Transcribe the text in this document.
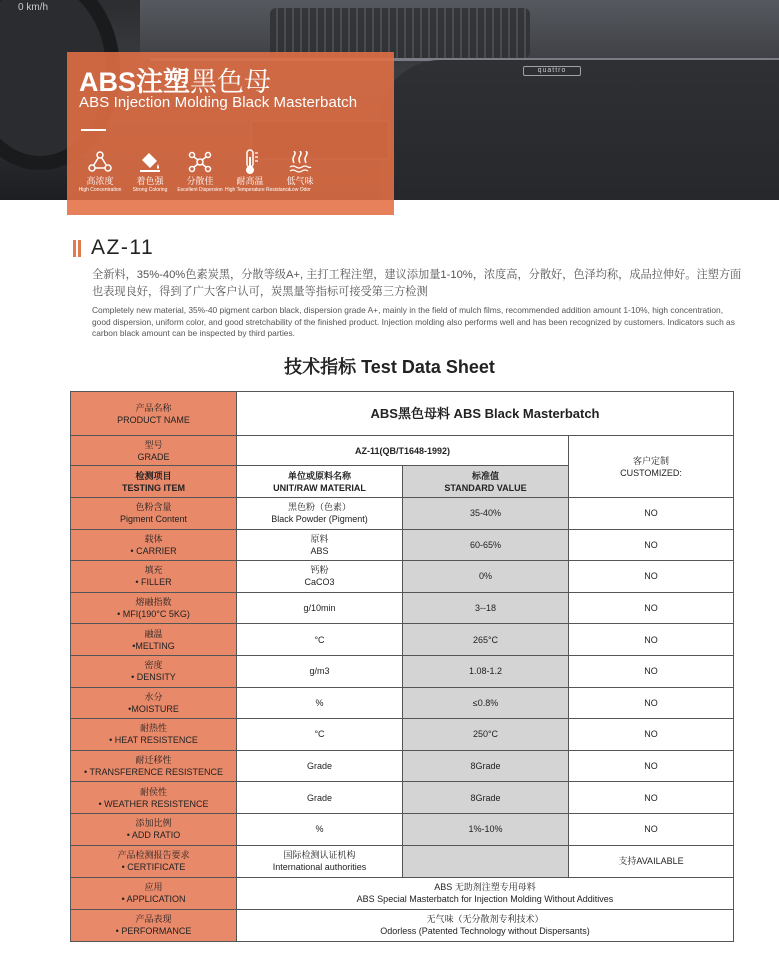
0 km/h
quattro
ABS注塑黑色母
ABS Injection Molding Black Masterbatch
高浓度
High Concentration
着色强
Strong Coloring
分散佳
Excellent Dispersion
耐高温
High Temperature Resistance
低气味
Low Odor
AZ-11
全新料，35%-40%色素炭黑，分散等级A+, 主打工程注塑，建议添加量1-10%，浓度高，分散好，色泽均称，成品拉伸好。注塑方面也表现良好，得到了广大客户认可，炭黑量等指标可接受第三方检测
Completely new material, 35%-40 pigment carbon black, dispersion grade A+, mainly in the field of mulch films, recommended addition amount 1-10%, high concentration, good dispersion, uniform color, and good stretchability of the finished product. Injection molding also performs well and has been recognized by customers. Indicators such as carbon black amount can be inspected by third parties.
技术指标 Test Data Sheet
产品名称
PRODUCT NAME	ABS黑色母料 ABS Black Masterbatch		

型号
GRADE	AZ-11(QB/T1648-1992)		客户定制
CUSTOMIZED:

检测项目
TESTING ITEM	单位或原料名称
UNIT/RAW MATERIAL	标准值
STANDARD VALUE	

色粉含量
Pigment Content	黑色粉（色素）
Black Powder (Pigment)	35-40%	NO

载体
• CARRIER	原料
ABS	60-65%	NO

填充
• FILLER	钙粉
CaCO3	0%	NO

熔融指数
• MFI(190°C 5KG)	g/10min	3--18	NO

融温
•MELTING	°C	265°C	NO

密度
• DENSITY	g/m3	1.08-1.2	NO

水分
•MOISTURE	%	≤0.8%	NO

耐热性
• HEAT RESISTENCE	°C	250°C	NO

耐迁移性
• TRANSFERENCE RESISTENCE	Grade	8Grade	NO

耐侯性
• WEATHER RESISTENCE	Grade	8Grade	NO

添加比例
• ADD RATIO	%	1%-10%	NO

产品检测报告要求
• CERTIFICATE	国际检测认证机构
International authorities		支持AVAILABLE

应用
• APPLICATION	ABS 无助剂注塑专用母料
ABS Special Masterbatch for Injection Molding Without Additives		

产品表现
• PERFORMANCE	无气味（无分散剂专利技术）
Odorless (Patented Technology without Dispersants)		
